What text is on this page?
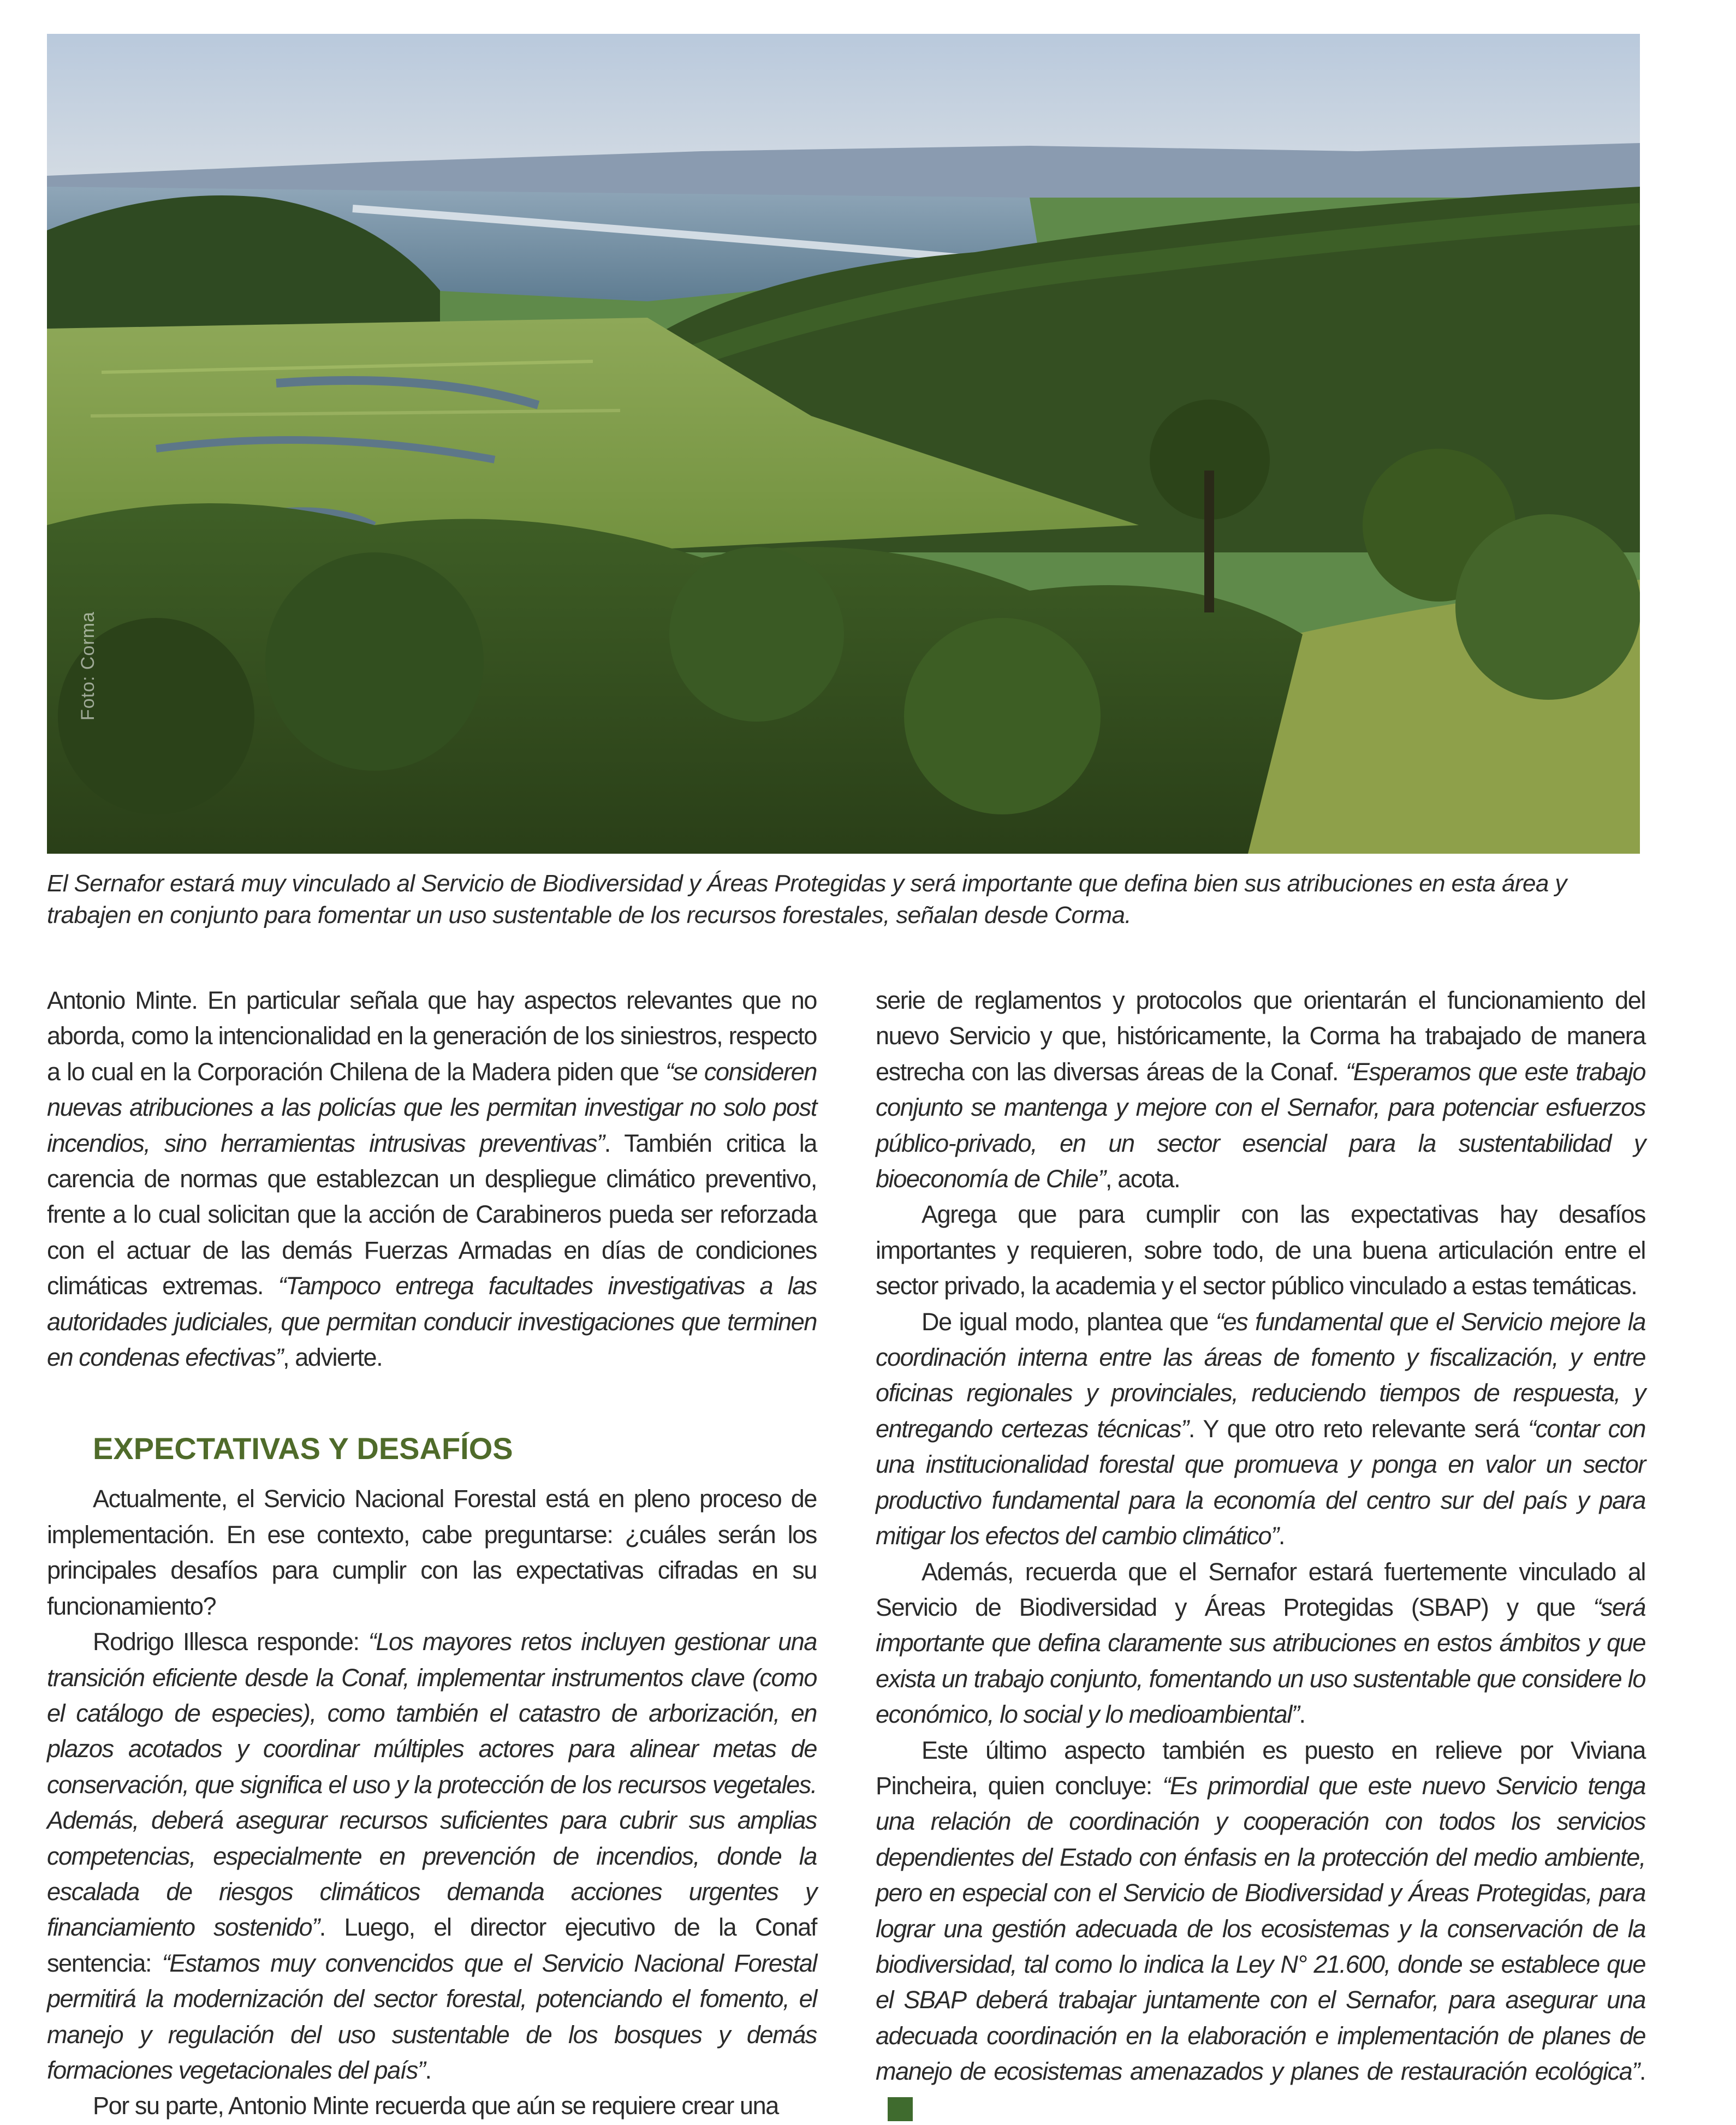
Foto: Corma

El Sernafor estará muy vinculado al Servicio de Biodiversidad y Áreas Protegidas y será importante que defina bien sus atribuciones en esta área y trabajen en conjunto para fomentar un uso sustentable de los recursos forestales, señalan desde Corma.

Antonio Minte. En particular señala que hay aspectos relevantes que no aborda, como la intencionalidad en la generación de los siniestros, respecto a lo cual en la Corporación Chilena de la Madera piden que “se consideren nuevas atribuciones a las policías que les permitan investigar no solo post incendios, sino herramientas intrusivas preventivas”. También critica la carencia de normas que establezcan un despliegue climático preventivo, frente a lo cual solicitan que la acción de Carabineros pueda ser reforzada con el actuar de las demás Fuerzas Armadas en días de condiciones climáticas extremas. “Tampoco entrega facultades investigativas a las autoridades judiciales, que permitan conducir investigaciones que terminen en condenas efectivas”, advierte.

EXPECTATIVAS Y DESAFÍOS

Actualmente, el Servicio Nacional Forestal está en pleno proceso de implementación. En ese contexto, cabe preguntarse: ¿cuáles serán los principales desafíos para cumplir con las expectativas cifradas en su funcionamiento?

Rodrigo Illesca responde: “Los mayores retos incluyen gestionar una transición eficiente desde la Conaf, implementar instrumentos clave (como el catálogo de especies), como también el catastro de arborización, en plazos acotados y coordinar múltiples actores para alinear metas de conservación, que significa el uso y la protección de los recursos vegetales. Además, deberá asegurar recursos suficientes para cubrir sus amplias competencias, especialmente en prevención de incendios, donde la escalada de riesgos climáticos demanda acciones urgentes y financiamiento sostenido”. Luego, el director ejecutivo de la Conaf sentencia: “Estamos muy convencidos que el Servicio Nacional Forestal permitirá la modernización del sector forestal, potenciando el fomento, el manejo y regulación del uso sustentable de los bosques y demás formaciones vegetacionales del país”.

Por su parte, Antonio Minte recuerda que aún se requiere crear una

serie de reglamentos y protocolos que orientarán el funcionamiento del nuevo Servicio y que, históricamente, la Corma ha trabajado de manera estrecha con las diversas áreas de la Conaf. “Esperamos que este trabajo conjunto se mantenga y mejore con el Sernafor, para potenciar esfuerzos público-privado, en un sector esencial para la sustentabilidad y bioeconomía de Chile”, acota.

Agrega que para cumplir con las expectativas hay desafíos importantes y requieren, sobre todo, de una buena articulación entre el sector privado, la academia y el sector público vinculado a estas temáticas.

De igual modo, plantea que “es fundamental que el Servicio mejore la coordinación interna entre las áreas de fomento y fiscalización, y entre oficinas regionales y provinciales, reduciendo tiempos de respuesta, y entregando certezas técnicas”. Y que otro reto relevante será “contar con una institucionalidad forestal que promueva y ponga en valor un sector productivo fundamental para la economía del centro sur del país y para mitigar los efectos del cambio climático”.

Además, recuerda que el Sernafor estará fuertemente vinculado al Servicio de Biodiversidad y Áreas Protegidas (SBAP) y que “será importante que defina claramente sus atribuciones en estos ámbitos y que exista un trabajo conjunto, fomentando un uso sustentable que considere lo económico, lo social y lo medioambiental”.

Este último aspecto también es puesto en relieve por Viviana Pincheira, quien concluye: “Es primordial que este nuevo Servicio tenga una relación de coordinación y cooperación con todos los servicios dependientes del Estado con énfasis en la protección del medio ambiente, pero en especial con el Servicio de Biodiversidad y Áreas Protegidas, para lograr una gestión adecuada de los ecosistemas y la conservación de la biodiversidad, tal como lo indica la Ley N° 21.600, donde se establece que el SBAP deberá trabajar juntamente con el Sernafor, para asegurar una adecuada coordinación en la elaboración e implementación de planes de manejo de ecosistemas amenazados y planes de restauración ecológica”.IA
